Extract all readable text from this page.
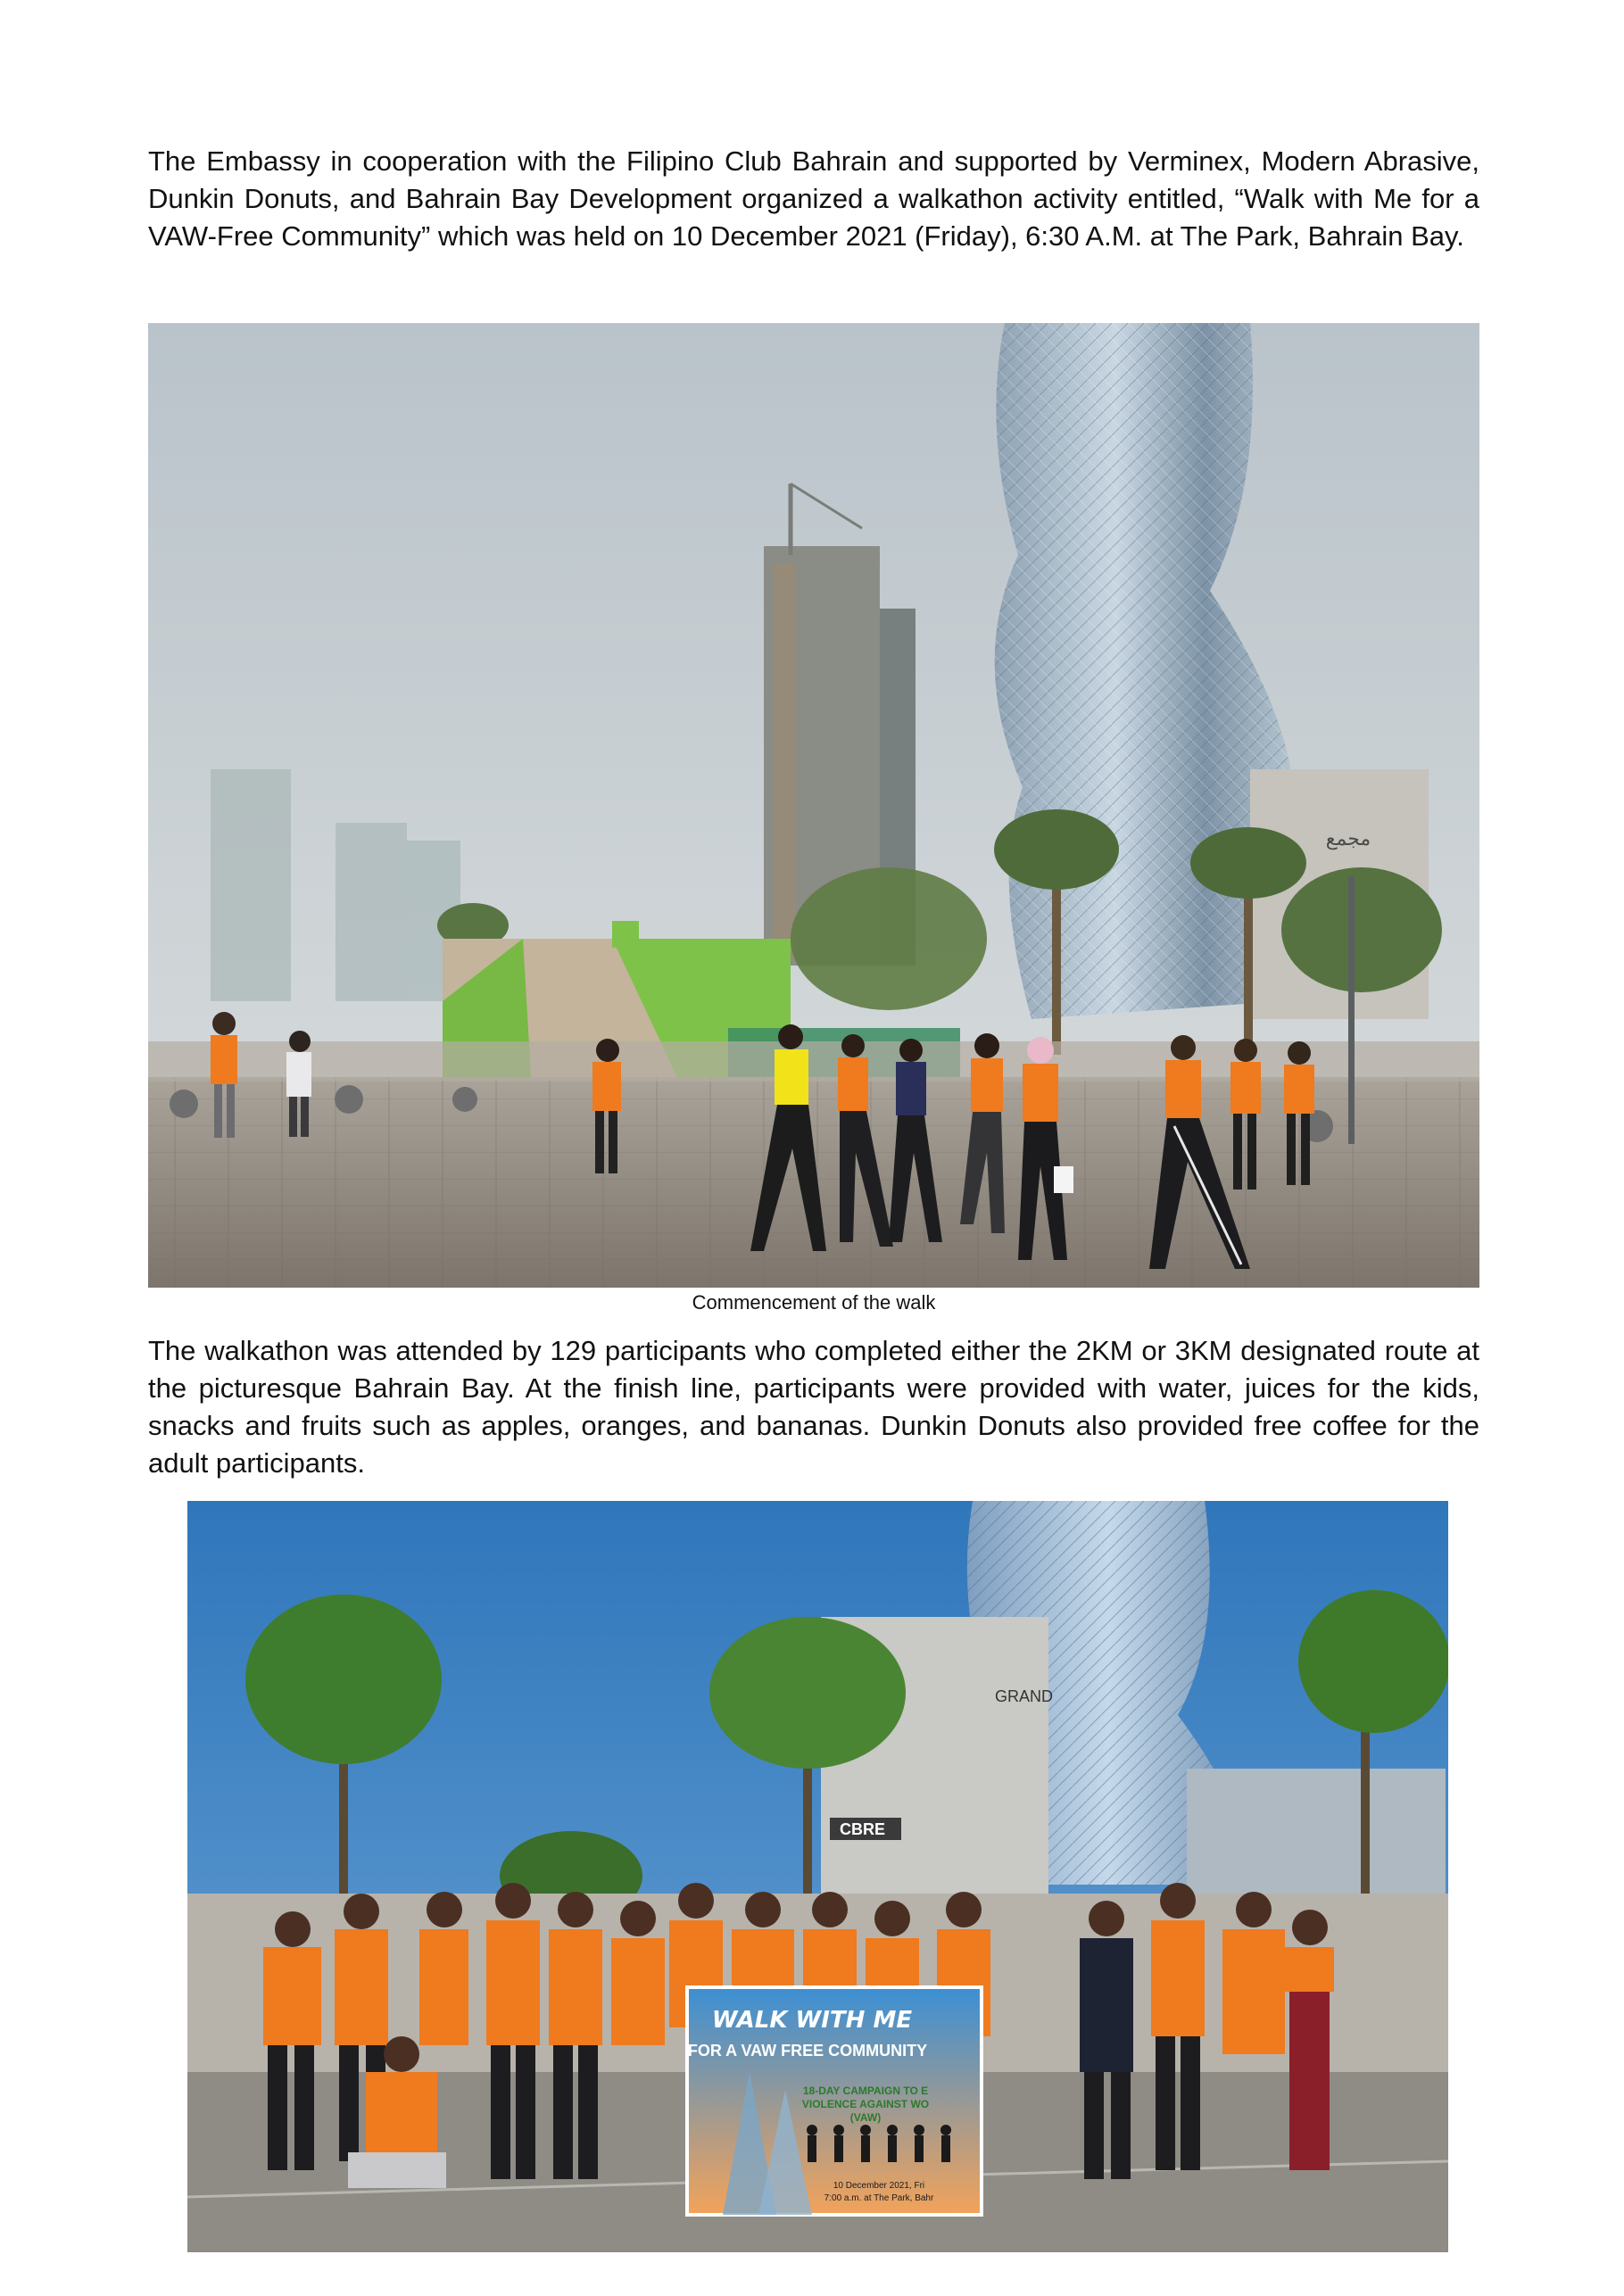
The Embassy in cooperation with the Filipino Club Bahrain and supported by Verminex, Modern Abrasive, Dunkin Donuts, and Bahrain Bay Development organized a walkathon activity entitled, “Walk with Me for a VAW-Free Community” which was held on 10 December 2021 (Friday), 6:30 A.M. at The Park, Bahrain Bay.

مجمع

Commencement of the walk

The walkathon was attended by 129 participants who completed either the 2KM or 3KM designated route at the picturesque Bahrain Bay. At the finish line, participants were provided with water, juices for the kids, snacks and fruits such as apples, oranges, and bananas. Dunkin Donuts also provided free coffee for the adult participants.

GRAND
CBRE
WALK WITH ME
FOR A VAW FREE COMMUNITY
18-DAY CAMPAIGN TO E
VIOLENCE AGAINST WO
(VAW)
10 December 2021, Fri
7:00 a.m. at The Park, Bahr
